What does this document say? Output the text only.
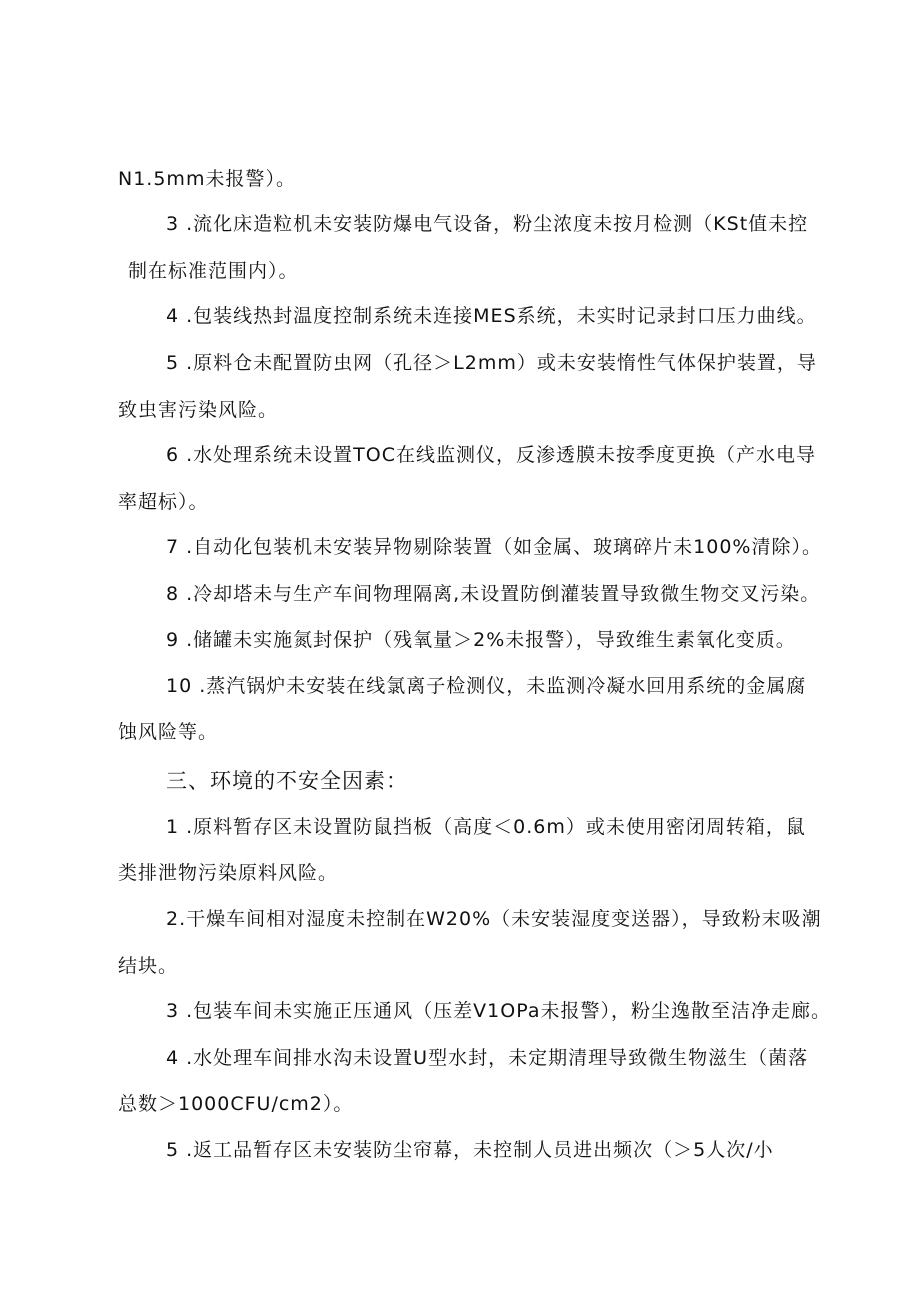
N1.5mm未报警）。
3 .流化床造粒机未安装防爆电气设备，粉尘浓度未按月检测（KSt值未控
制在标准范围内）。
4 .包装线热封温度控制系统未连接MES系统，未实时记录封口压力曲线。
5 .原料仓未配置防虫网（孔径＞L2mm）或未安装惰性气体保护装置，导
致虫害污染风险。
6 .水处理系统未设置TOC在线监测仪，反渗透膜未按季度更换（产水电导
率超标）。
7 .自动化包装机未安装异物剔除装置（如金属、玻璃碎片未100%清除）。
8 .冷却塔未与生产车间物理隔离,未设置防倒灌装置导致微生物交叉污染。
9 .储罐未实施氮封保护（残氧量＞2%未报警），导致维生素氧化变质。
10 .蒸汽锅炉未安装在线氯离子检测仪，未监测冷凝水回用系统的金属腐
蚀风险等。
三、环境的不安全因素：
1 .原料暂存区未设置防鼠挡板（高度＜0.6m）或未使用密闭周转箱，鼠
类排泄物污染原料风险。
2.干燥车间相对湿度未控制在W20%（未安装湿度变送器），导致粉末吸潮
结块。
3 .包装车间未实施正压通风（压差V1OPa未报警），粉尘逸散至洁净走廊。
4 .水处理车间排水沟未设置U型水封，未定期清理导致微生物滋生（菌落
总数＞1000CFU/cm2）。
5 .返工品暂存区未安装防尘帘幕，未控制人员进出频次（＞5人次/小
